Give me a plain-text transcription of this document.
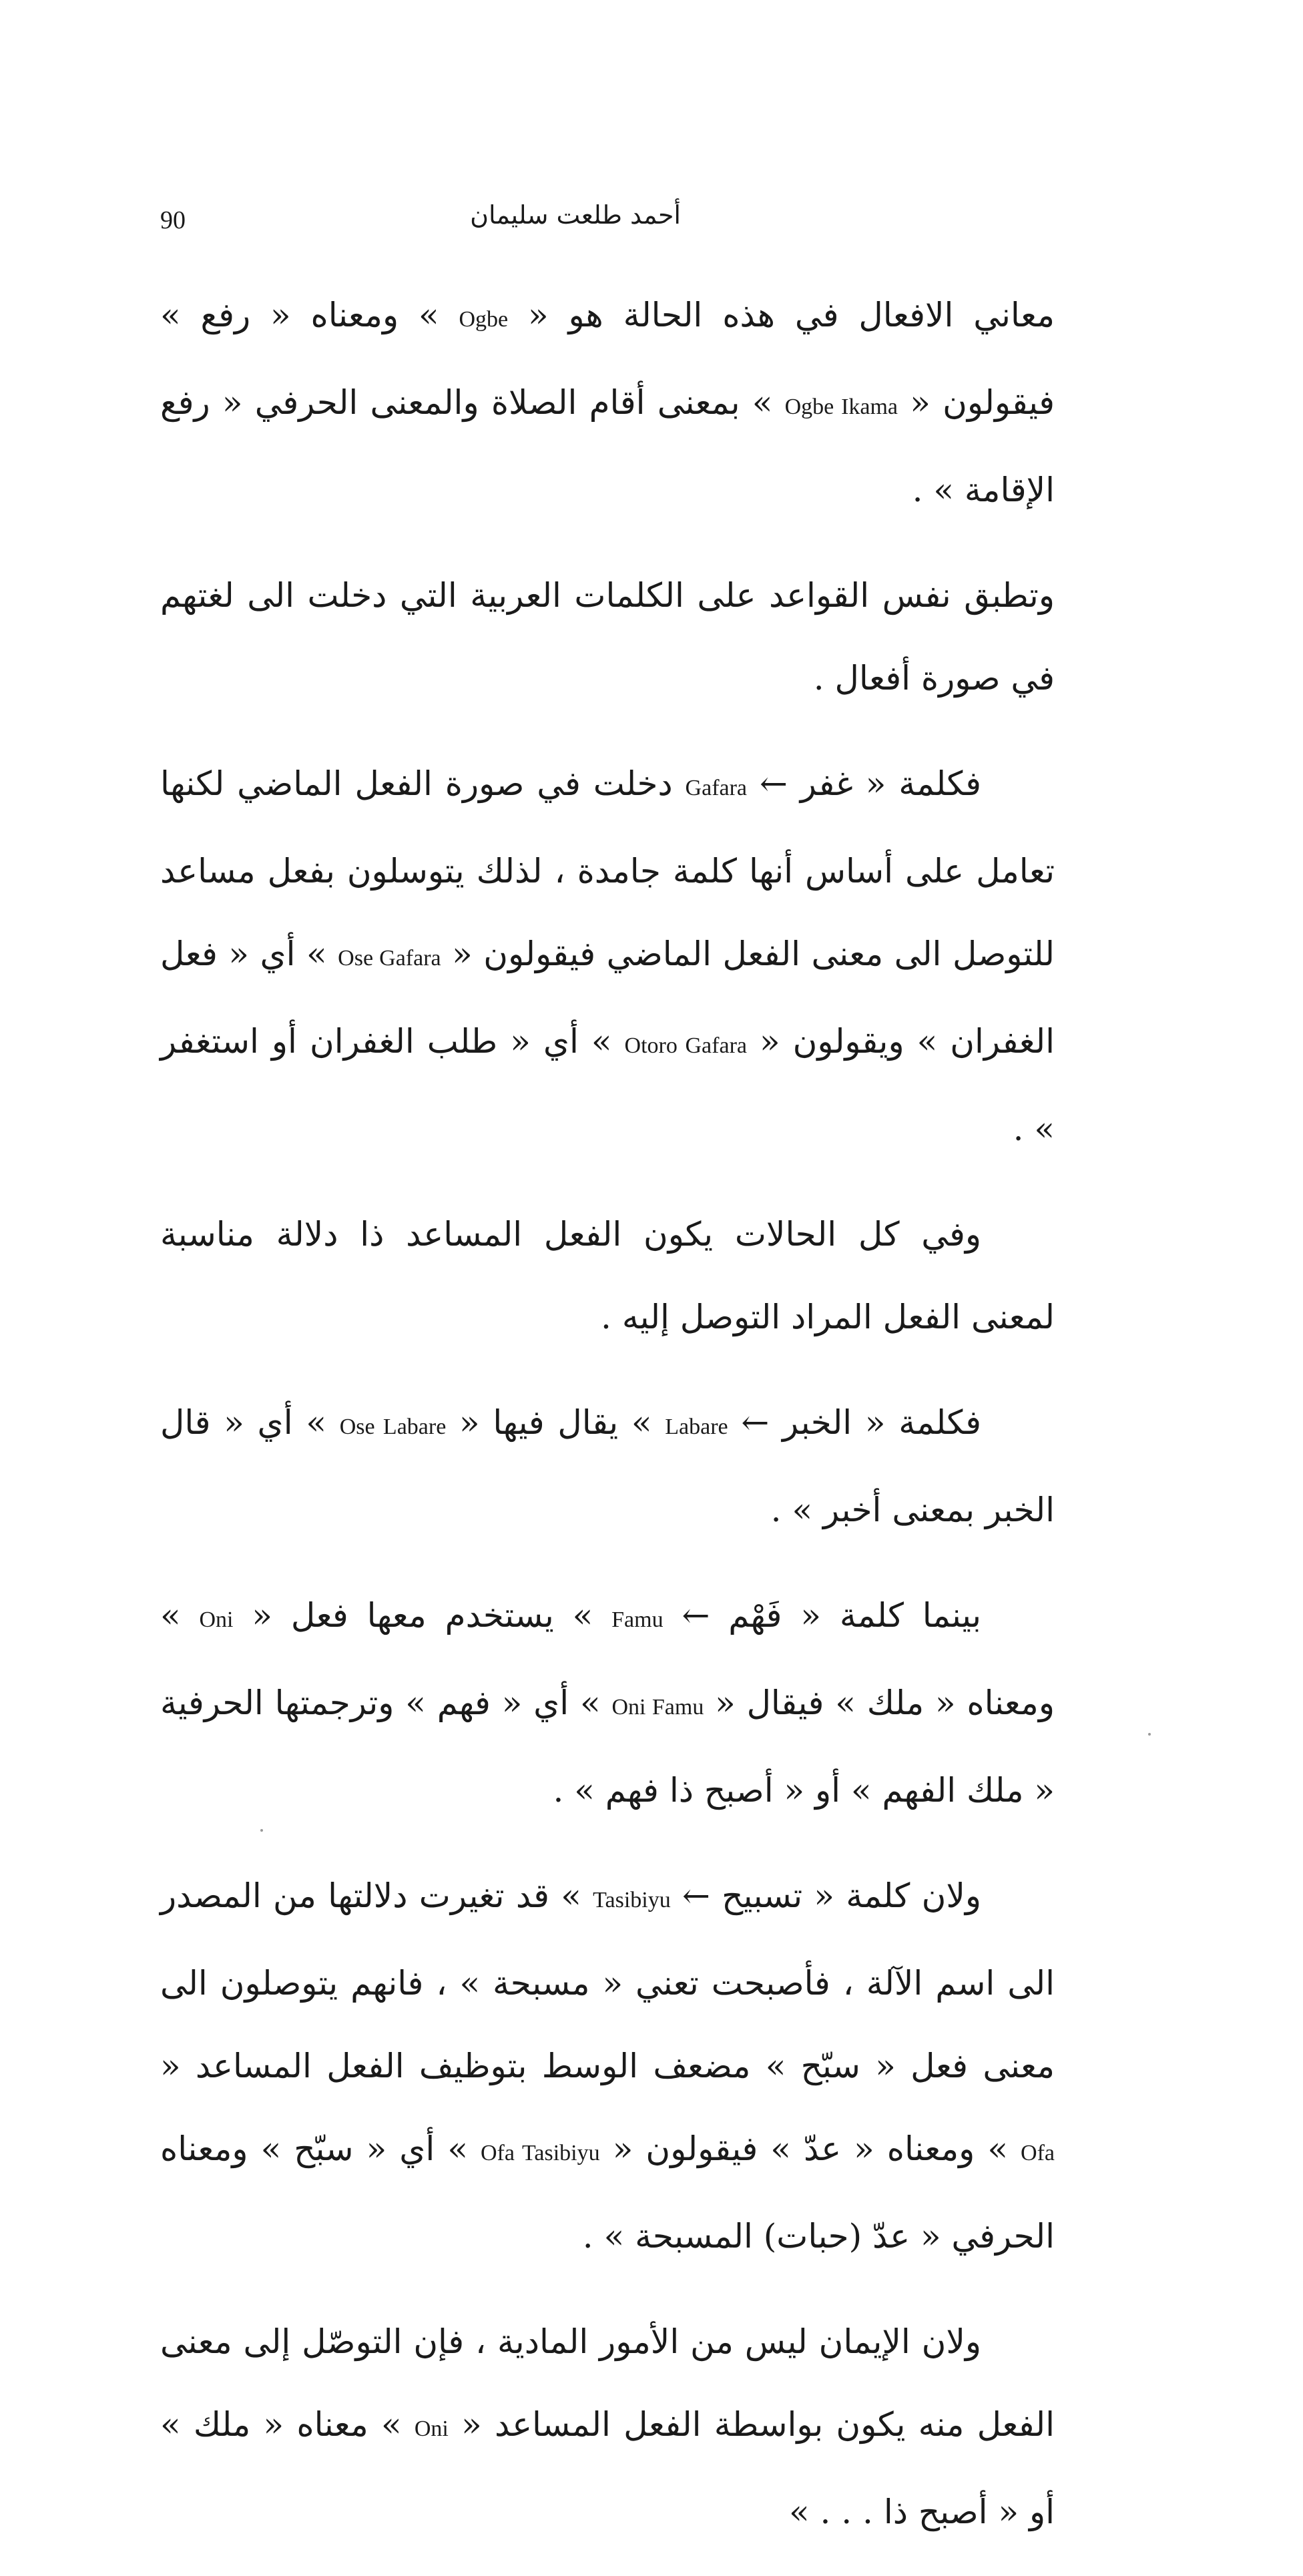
90	أحمد طلعت سليمان

معاني الافعال في هذه الحالة هو « Ogbe » ومعناه « رفع » فيقولون « Ogbe Ikama » بمعنى أقام الصلاة والمعنى الحرفي « رفع الإقامة » .

وتطبق نفس القواعد على الكلمات العربية التي دخلت الى لغتهم في صورة أفعال .

فكلمة « غفر ← Gafara دخلت في صورة الفعل الماضي لكنها تعامل على أساس أنها كلمة جامدة ، لذلك يتوسلون بفعل مساعد للتوصل الى معنى الفعل الماضي فيقولون « Ose Gafara » أي « فعل الغفران » ويقولون « Otoro Gafara » أي « طلب الغفران أو استغفر » .

وفي كل الحالات يكون الفعل المساعد ذا دلالة مناسبة لمعنى الفعل المراد التوصل إليه .

فكلمة « الخبر ← Labare » يقال فيها « Ose Labare » أي « قال الخبر بمعنى أخبر » .

بينما كلمة « فَهْم ← Famu » يستخدم معها فعل « Oni » ومعناه « ملك » فيقال « Oni Famu » أي « فهم » وترجمتها الحرفية « ملك الفهم » أو « أصبح ذا فهم » .

ولان كلمة « تسبيح ← Tasibiyu » قد تغيرت دلالتها من المصدر الى اسم الآلة ، فأصبحت تعني « مسبحة » ، فانهم يتوصلون الى معنى فعل « سبّح » مضعف الوسط بتوظيف الفعل المساعد « Ofa » ومعناه « عدّ » فيقولون « Ofa Tasibiyu » أي « سبّح » ومعناه الحرفي « عدّ (حبات) المسبحة » .

ولان الإيمان ليس من الأمور المادية ، فإن التوصّل إلى معنى الفعل منه يكون بواسطة الفعل المساعد « Oni » معناه « ملك » أو « أصبح ذا . . . »
